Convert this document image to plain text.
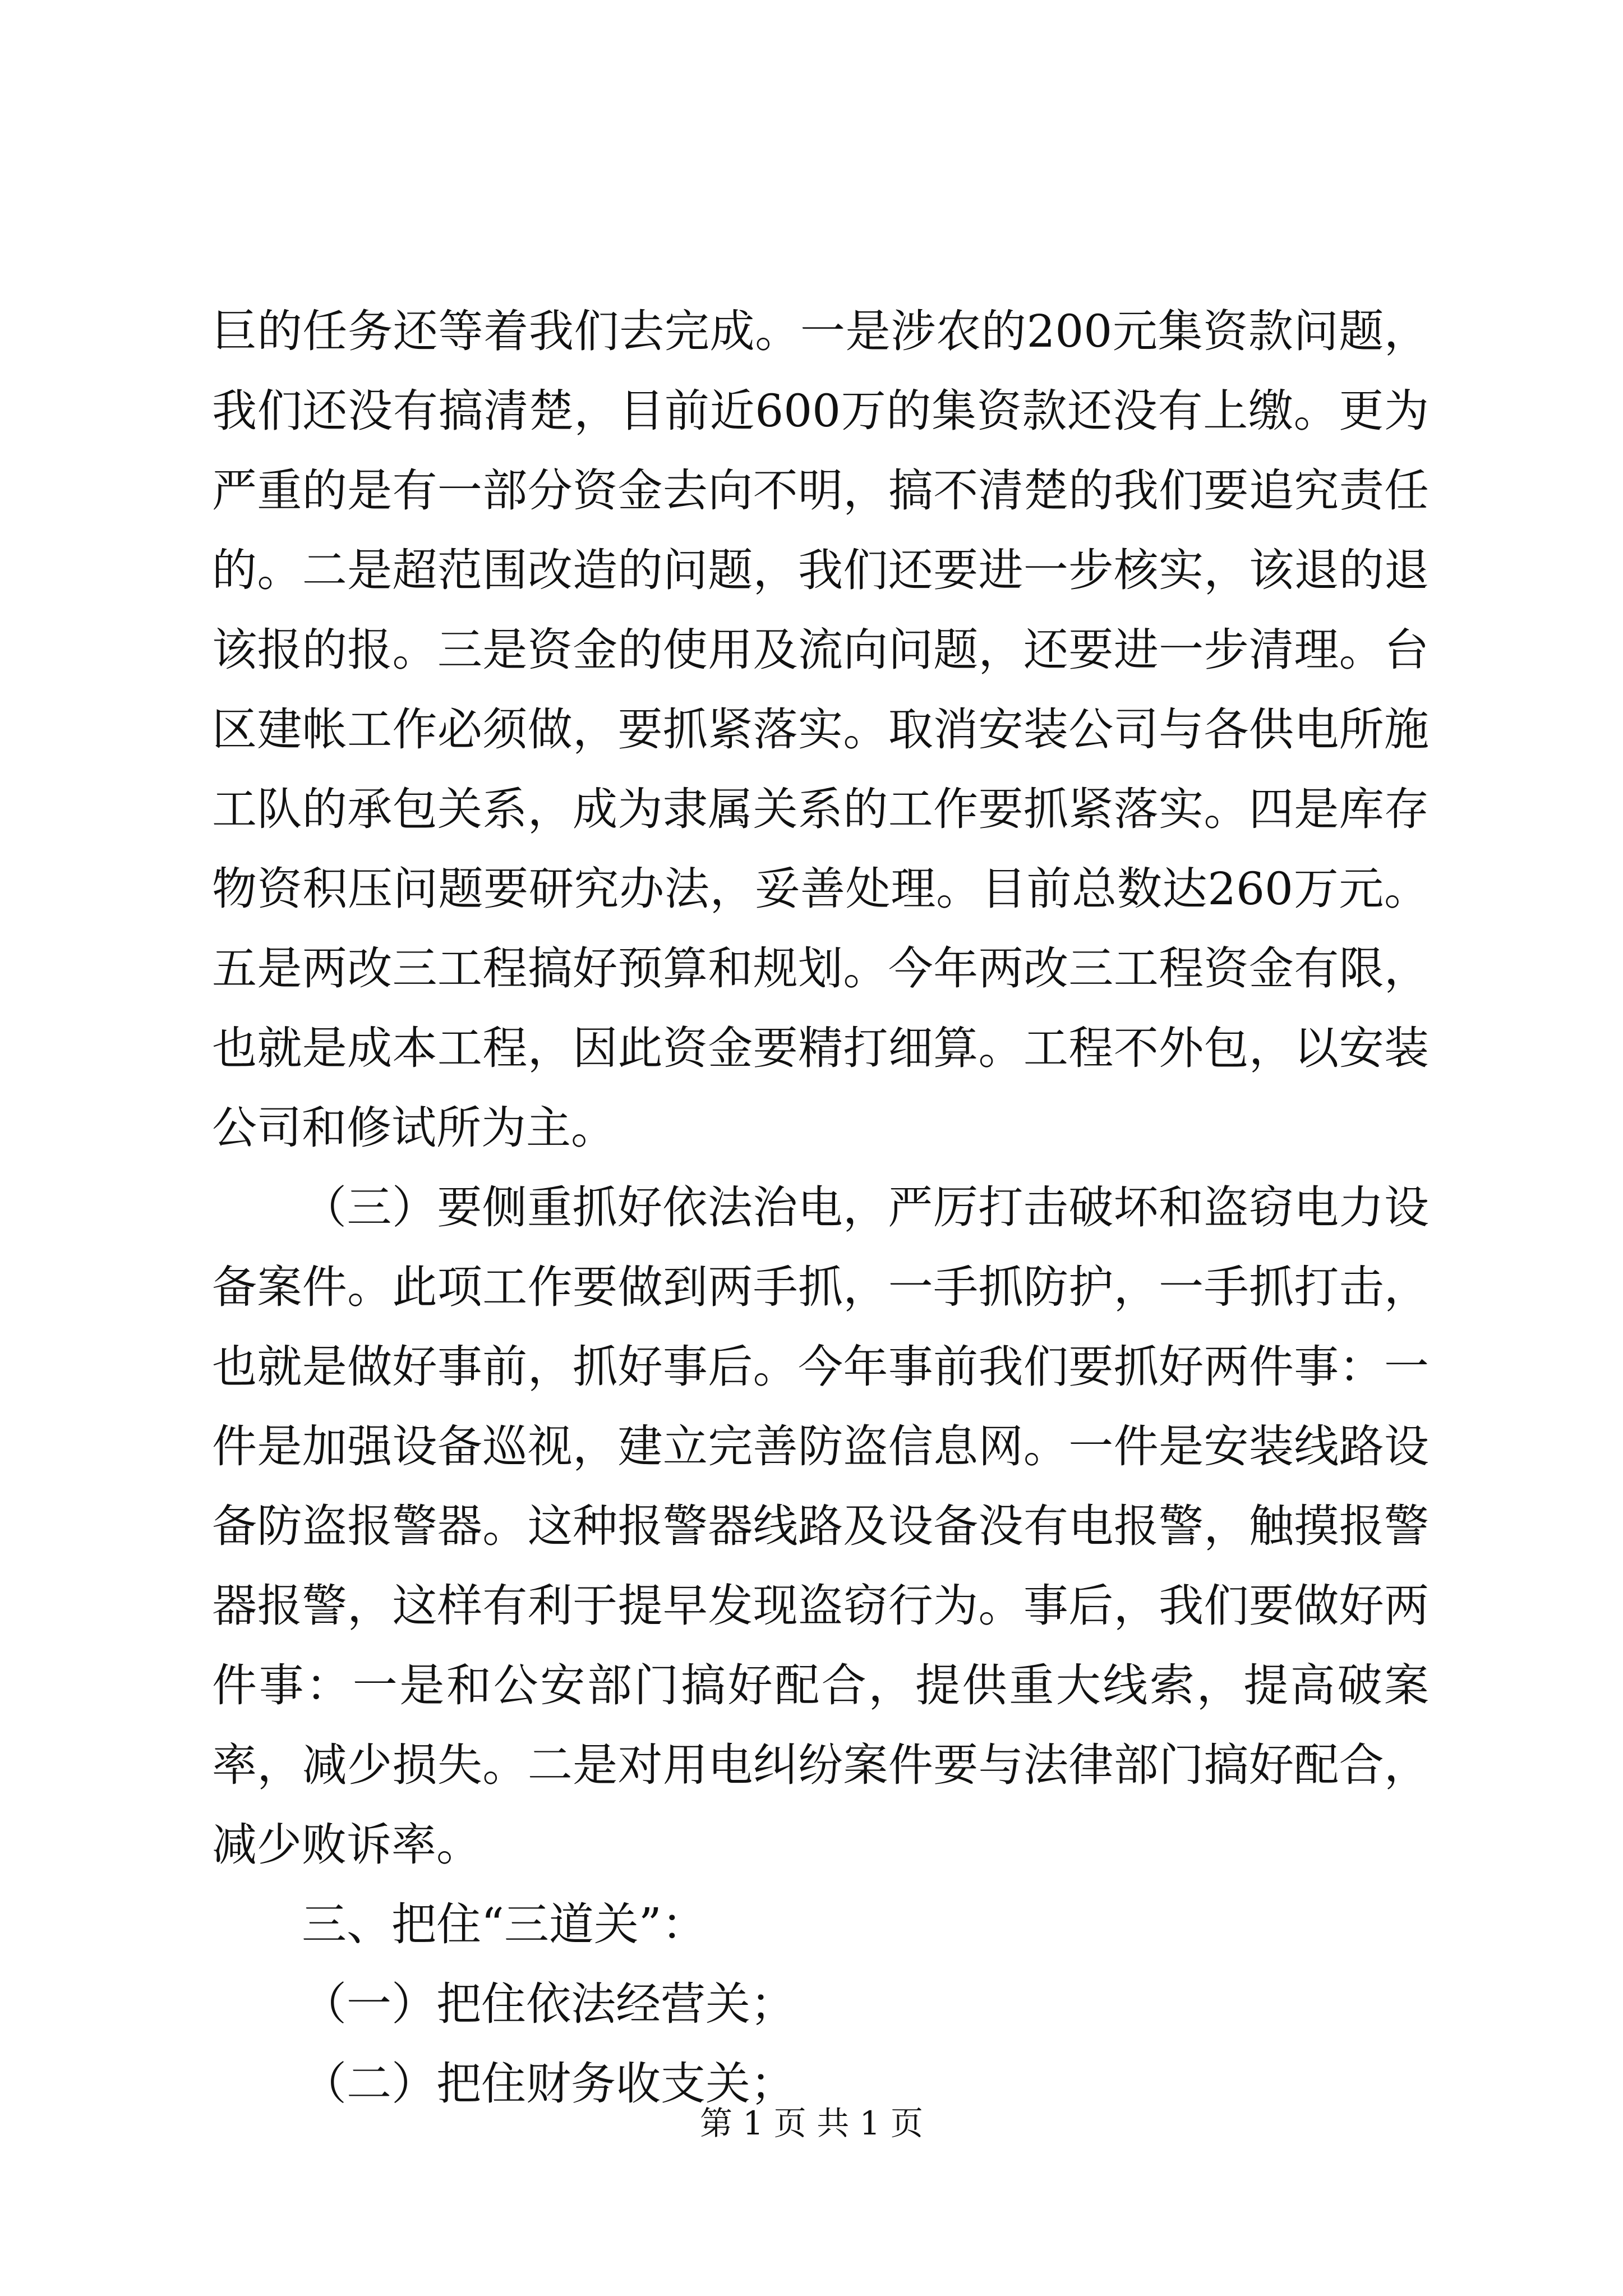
巨的任务还等着我们去完成。一是涉农的200元集资款问题，我们还没有搞清楚，目前近600万的集资款还没有上缴。更为严重的是有一部分资金去向不明，搞不清楚的我们要追究责任的。二是超范围改造的问题，我们还要进一步核实，该退的退该报的报。三是资金的使用及流向问题，还要进一步清理。台区建帐工作必须做，要抓紧落实。取消安装公司与各供电所施工队的承包关系，成为隶属关系的工作要抓紧落实。四是库存物资积压问题要研究办法，妥善处理。目前总数达260万元。五是两改三工程搞好预算和规划。今年两改三工程资金有限，也就是成本工程，因此资金要精打细算。工程不外包，以安装公司和修试所为主。

（三）要侧重抓好依法治电，严厉打击破坏和盗窃电力设备案件。此项工作要做到两手抓，一手抓防护，一手抓打击，也就是做好事前，抓好事后。今年事前我们要抓好两件事：一件是加强设备巡视，建立完善防盗信息网。一件是安装线路设备防盗报警器。这种报警器线路及设备没有电报警，触摸报警器报警，这样有利于提早发现盗窃行为。事后，我们要做好两件事：一是和公安部门搞好配合，提供重大线索，提高破案率，减少损失。二是对用电纠纷案件要与法律部门搞好配合，减少败诉率。

三、把住“三道关”：

（一）把住依法经营关；

（二）把住财务收支关；

第 1 页 共 1 页
